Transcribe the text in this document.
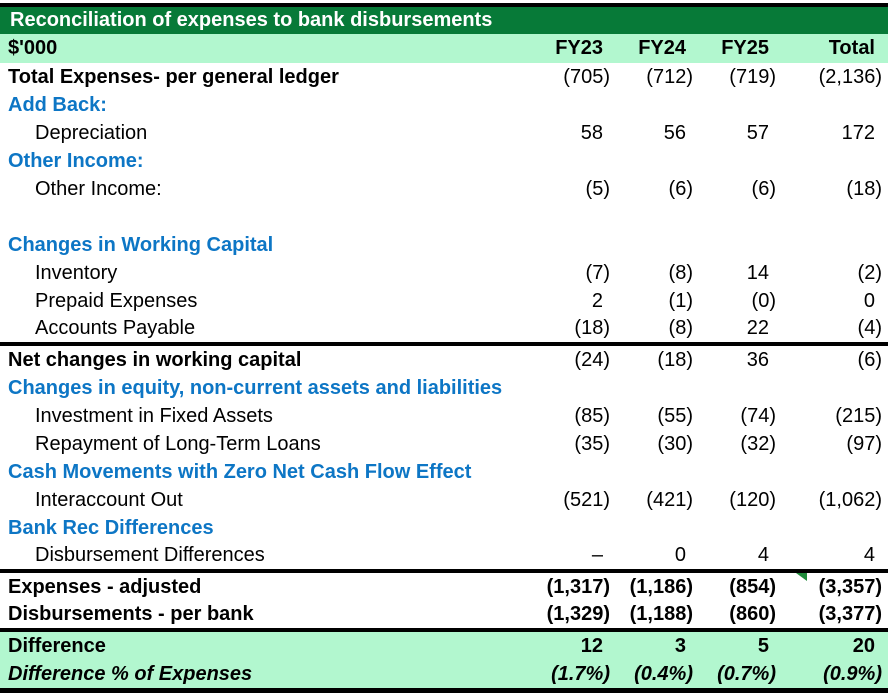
Reconciliation of expenses to bank disbursements
$'000	FY23	FY24	FY25	Total
Total Expenses- per general ledger	(705)	(712)	(719)	(2,136)
Add Back:
Depreciation	58	56	57	172
Other Income:
Other Income:	(5)	(6)	(6)	(18)
Changes in Working Capital
Inventory	(7)	(8)	14	(2)
Prepaid Expenses	2	(1)	(0)	0
Accounts Payable	(18)	(8)	22	(4)
Net changes in working capital	(24)	(18)	36	(6)
Changes in equity, non-current assets and liabilities
Investment in Fixed Assets	(85)	(55)	(74)	(215)
Repayment of Long-Term Loans	(35)	(30)	(32)	(97)
Cash Movements with Zero Net Cash Flow Effect
Interaccount Out	(521)	(421)	(120)	(1,062)
Bank Rec Differences
Disbursement Differences	–	0	4	4
Expenses - adjusted	(1,317) (1,186)	(854)	(3,357)
Disbursements - per bank	(1,329) (1,188)	(860)	(3,377)
Difference	12	3	5	20
Difference % of Expenses	(1.7%)	(0.4%)	(0.7%)	(0.9%)
